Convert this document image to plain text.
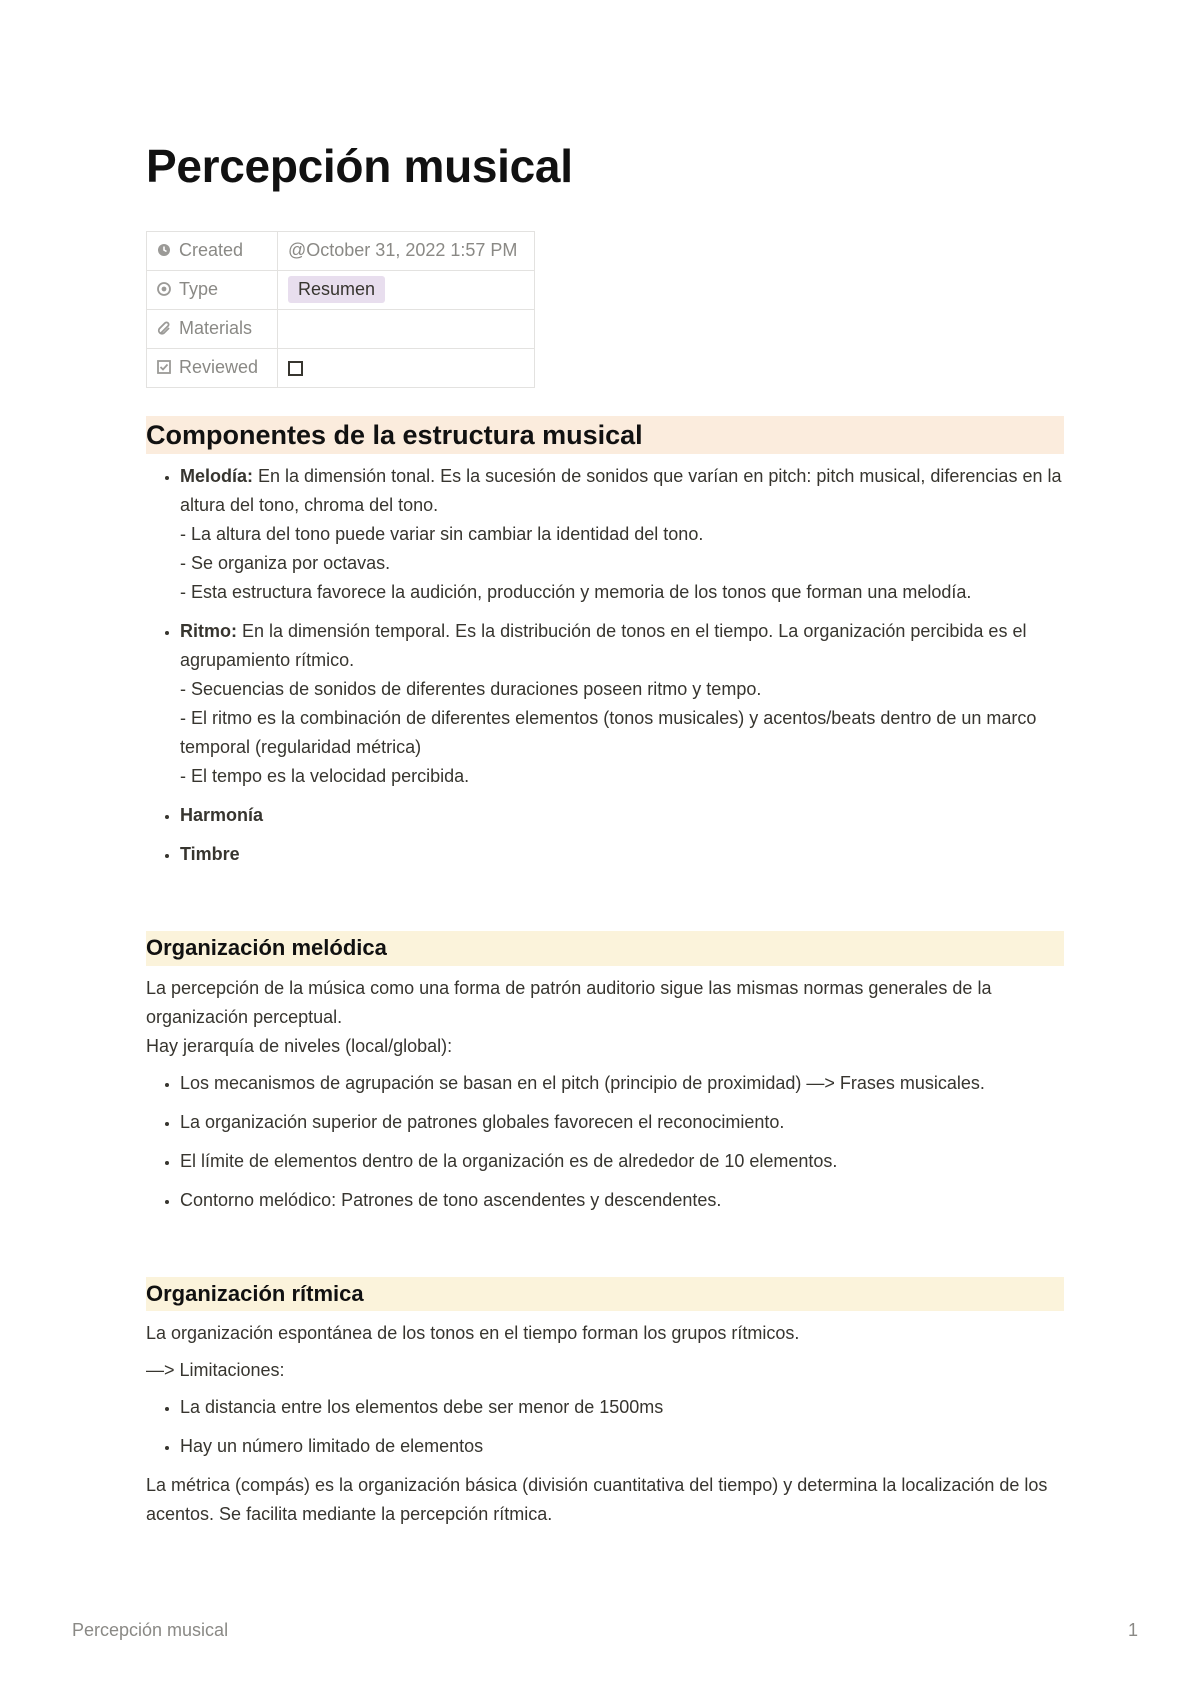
Percepción musical
Created	@October 31, 2022 1:57 PM
Type	Resumen
Materials	
Reviewed	
Componentes de la estructura musical
• Melodía: En la dimensión tonal. Es la sucesión de sonidos que varían en pitch: pitch musical, diferencias en la altura del tono, chroma del tono.
- La altura del tono puede variar sin cambiar la identidad del tono.
- Se organiza por octavas.
- Esta estructura favorece la audición, producción y memoria de los tonos que forman una melodía.
• Ritmo: En la dimensión temporal. Es la distribución de tonos en el tiempo. La organización percibida es el agrupamiento rítmico.
- Secuencias de sonidos de diferentes duraciones poseen ritmo y tempo.
- El ritmo es la combinación de diferentes elementos (tonos musicales) y acentos/beats dentro de un marco temporal (regularidad métrica)
- El tempo es la velocidad percibida.
• Harmonía
• Timbre
Organización melódica

La percepción de la música como una forma de patrón auditorio sigue las mismas normas generales de la organización perceptual.
Hay jerarquía de niveles (local/global):

• Los mecanismos de agrupación se basan en el pitch (principio de proximidad) —> Frases musicales.
• La organización superior de patrones globales favorecen el reconocimiento.
• El límite de elementos dentro de la organización es de alrededor de 10 elementos.
• Contorno melódico: Patrones de tono ascendentes y descendentes.
Organización rítmica

La organización espontánea de los tonos en el tiempo forman los grupos rítmicos.

—> Limitaciones:

• La distancia entre los elementos debe ser menor de 1500ms
• Hay un número limitado de elementos

La métrica (compás) es la organización básica (división cuantitativa del tiempo) y determina la localización de los acentos. Se facilita mediante la percepción rítmica.

Percepción musical	1
